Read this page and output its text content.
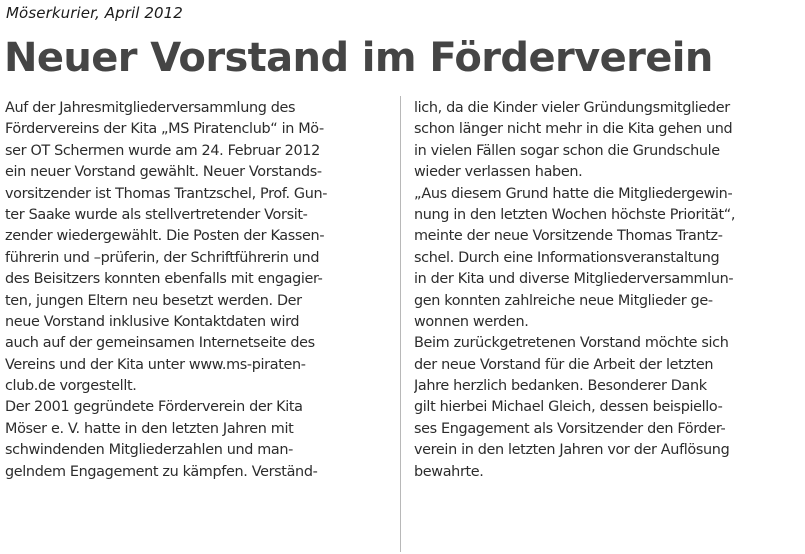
Möserkurier, April 2012
Neuer Vorstand im Förderverein
Auf der Jahresmitgliederversammlung des
Fördervereins der Kita „MS Piratenclub“ in Mö-
ser OT Schermen wurde am 24. Februar 2012
ein neuer Vorstand gewählt. Neuer Vorstands-
vorsitzender ist Thomas Trantzschel, Prof. Gun-
ter Saake wurde als stellvertretender Vorsit-
zender wiedergewählt. Die Posten der Kassen-
führerin und –prüferin, der Schriftführerin und
des Beisitzers konnten ebenfalls mit engagier-
ten, jungen Eltern neu besetzt werden. Der
neue Vorstand inklusive Kontaktdaten wird
auch auf der gemeinsamen Internetseite des
Vereins und der Kita unter www.ms-piraten-
club.de vorgestellt.
Der 2001 gegründete Förderverein der Kita
Möser e. V. hatte in den letzten Jahren mit
schwindenden Mitgliederzahlen und man-
gelndem Engagement zu kämpfen. Verständ-
lich, da die Kinder vieler Gründungsmitglieder
schon länger nicht mehr in die Kita gehen und
in vielen Fällen sogar schon die Grundschule
wieder verlassen haben.
„Aus diesem Grund hatte die Mitgliedergewin-
nung in den letzten Wochen höchste Priorität“,
meinte der neue Vorsitzende Thomas Trantz-
schel. Durch eine Informationsveranstaltung
in der Kita und diverse Mitgliederversammlun-
gen konnten zahlreiche neue Mitglieder ge-
wonnen werden.
Beim zurückgetretenen Vorstand möchte sich
der neue Vorstand für die Arbeit der letzten
Jahre herzlich bedanken. Besonderer Dank
gilt hierbei Michael Gleich, dessen beispiello-
ses Engagement als Vorsitzender den Förder-
verein in den letzten Jahren vor der Auflösung
bewahrte.
